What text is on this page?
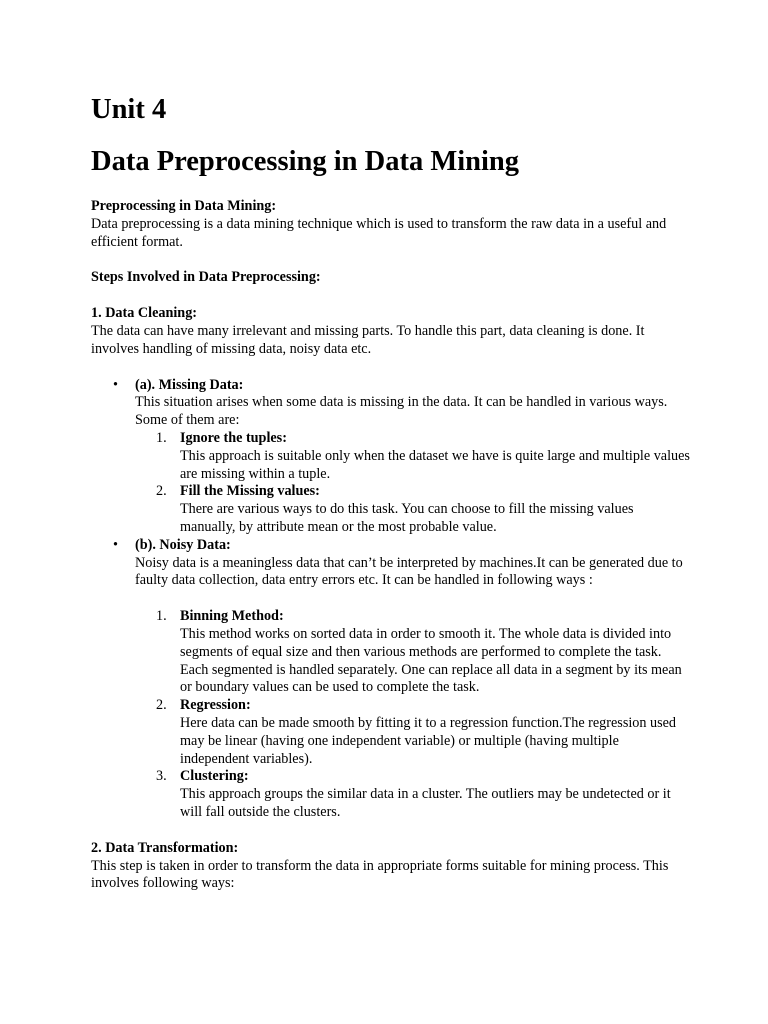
Unit 4
Data Preprocessing in Data Mining

Preprocessing in Data Mining:

Data preprocessing is a data mining technique which is used to transform the raw data in a useful and efficient format.

Steps Involved in Data Preprocessing:

1. Data Cleaning:

The data can have many irrelevant and missing parts. To handle this part, data cleaning is done. It involves handling of missing data, noisy data etc.

• (a). Missing Data:

This situation arises when some data is missing in the data. It can be handled in various ways.

Some of them are:

1. Ignore the tuples:

This approach is suitable only when the dataset we have is quite large and multiple values are missing within a tuple.

2. Fill the Missing values:

There are various ways to do this task. You can choose to fill the missing values manually, by attribute mean or the most probable value.

• (b). Noisy Data:

Noisy data is a meaningless data that can’t be interpreted by machines.It can be generated due to faulty data collection, data entry errors etc. It can be handled in following ways :

1. Binning Method:

This method works on sorted data in order to smooth it. The whole data is divided into segments of equal size and then various methods are performed to complete the task. Each segmented is handled separately. One can replace all data in a segment by its mean or boundary values can be used to complete the task.

2. Regression:

Here data can be made smooth by fitting it to a regression function.The regression used may be linear (having one independent variable) or multiple (having multiple independent variables).

3. Clustering:

This approach groups the similar data in a cluster. The outliers may be undetected or it will fall outside the clusters.

2. Data Transformation:

This step is taken in order to transform the data in appropriate forms suitable for mining process. This involves following ways:
